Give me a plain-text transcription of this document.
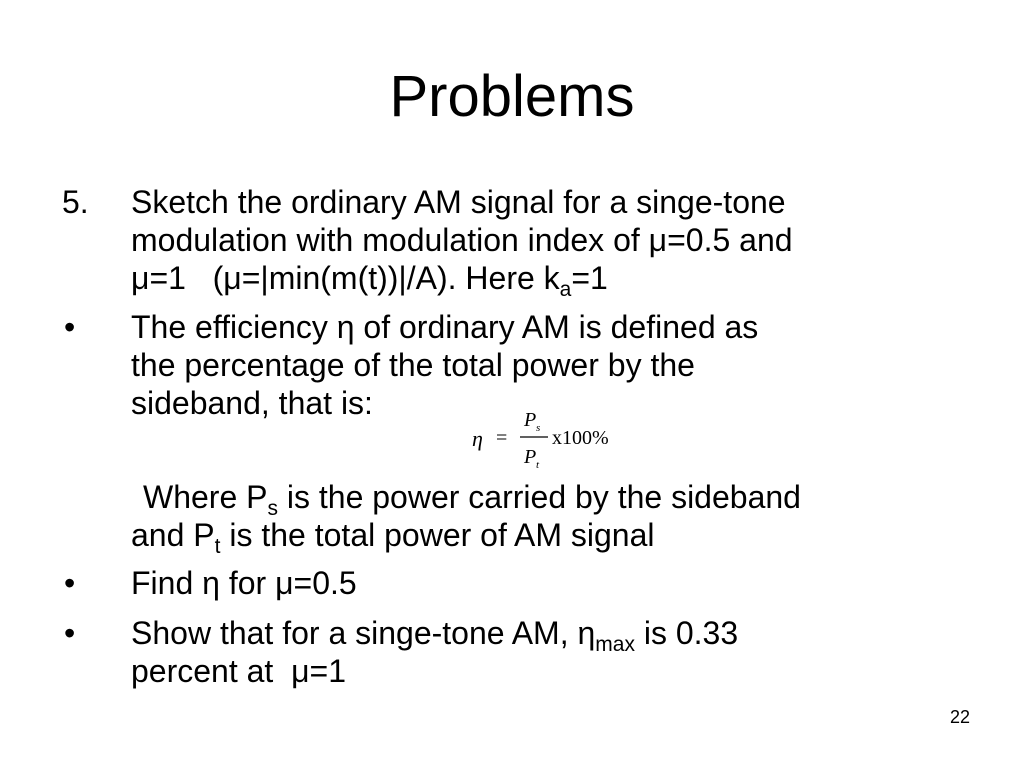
Problems
5. Sketch the ordinary AM signal for a singe-tone
modulation with modulation index of μ=0.5 and
μ=1   (μ=|min(m(t))|/A). Here $k_a=1$
• The efficiency η of ordinary AM is defined as
the percentage of the total power by the
sideband, that is:
η =
P s
P t
x100%
Where $P_s$ is the power carried by the sideband
and $P_t$ is the total power of AM signal
• Find η for μ=0.5
• Show that for a singe-tone AM, $\eta_{max}$ is 0.33
percent at  μ=1
22
